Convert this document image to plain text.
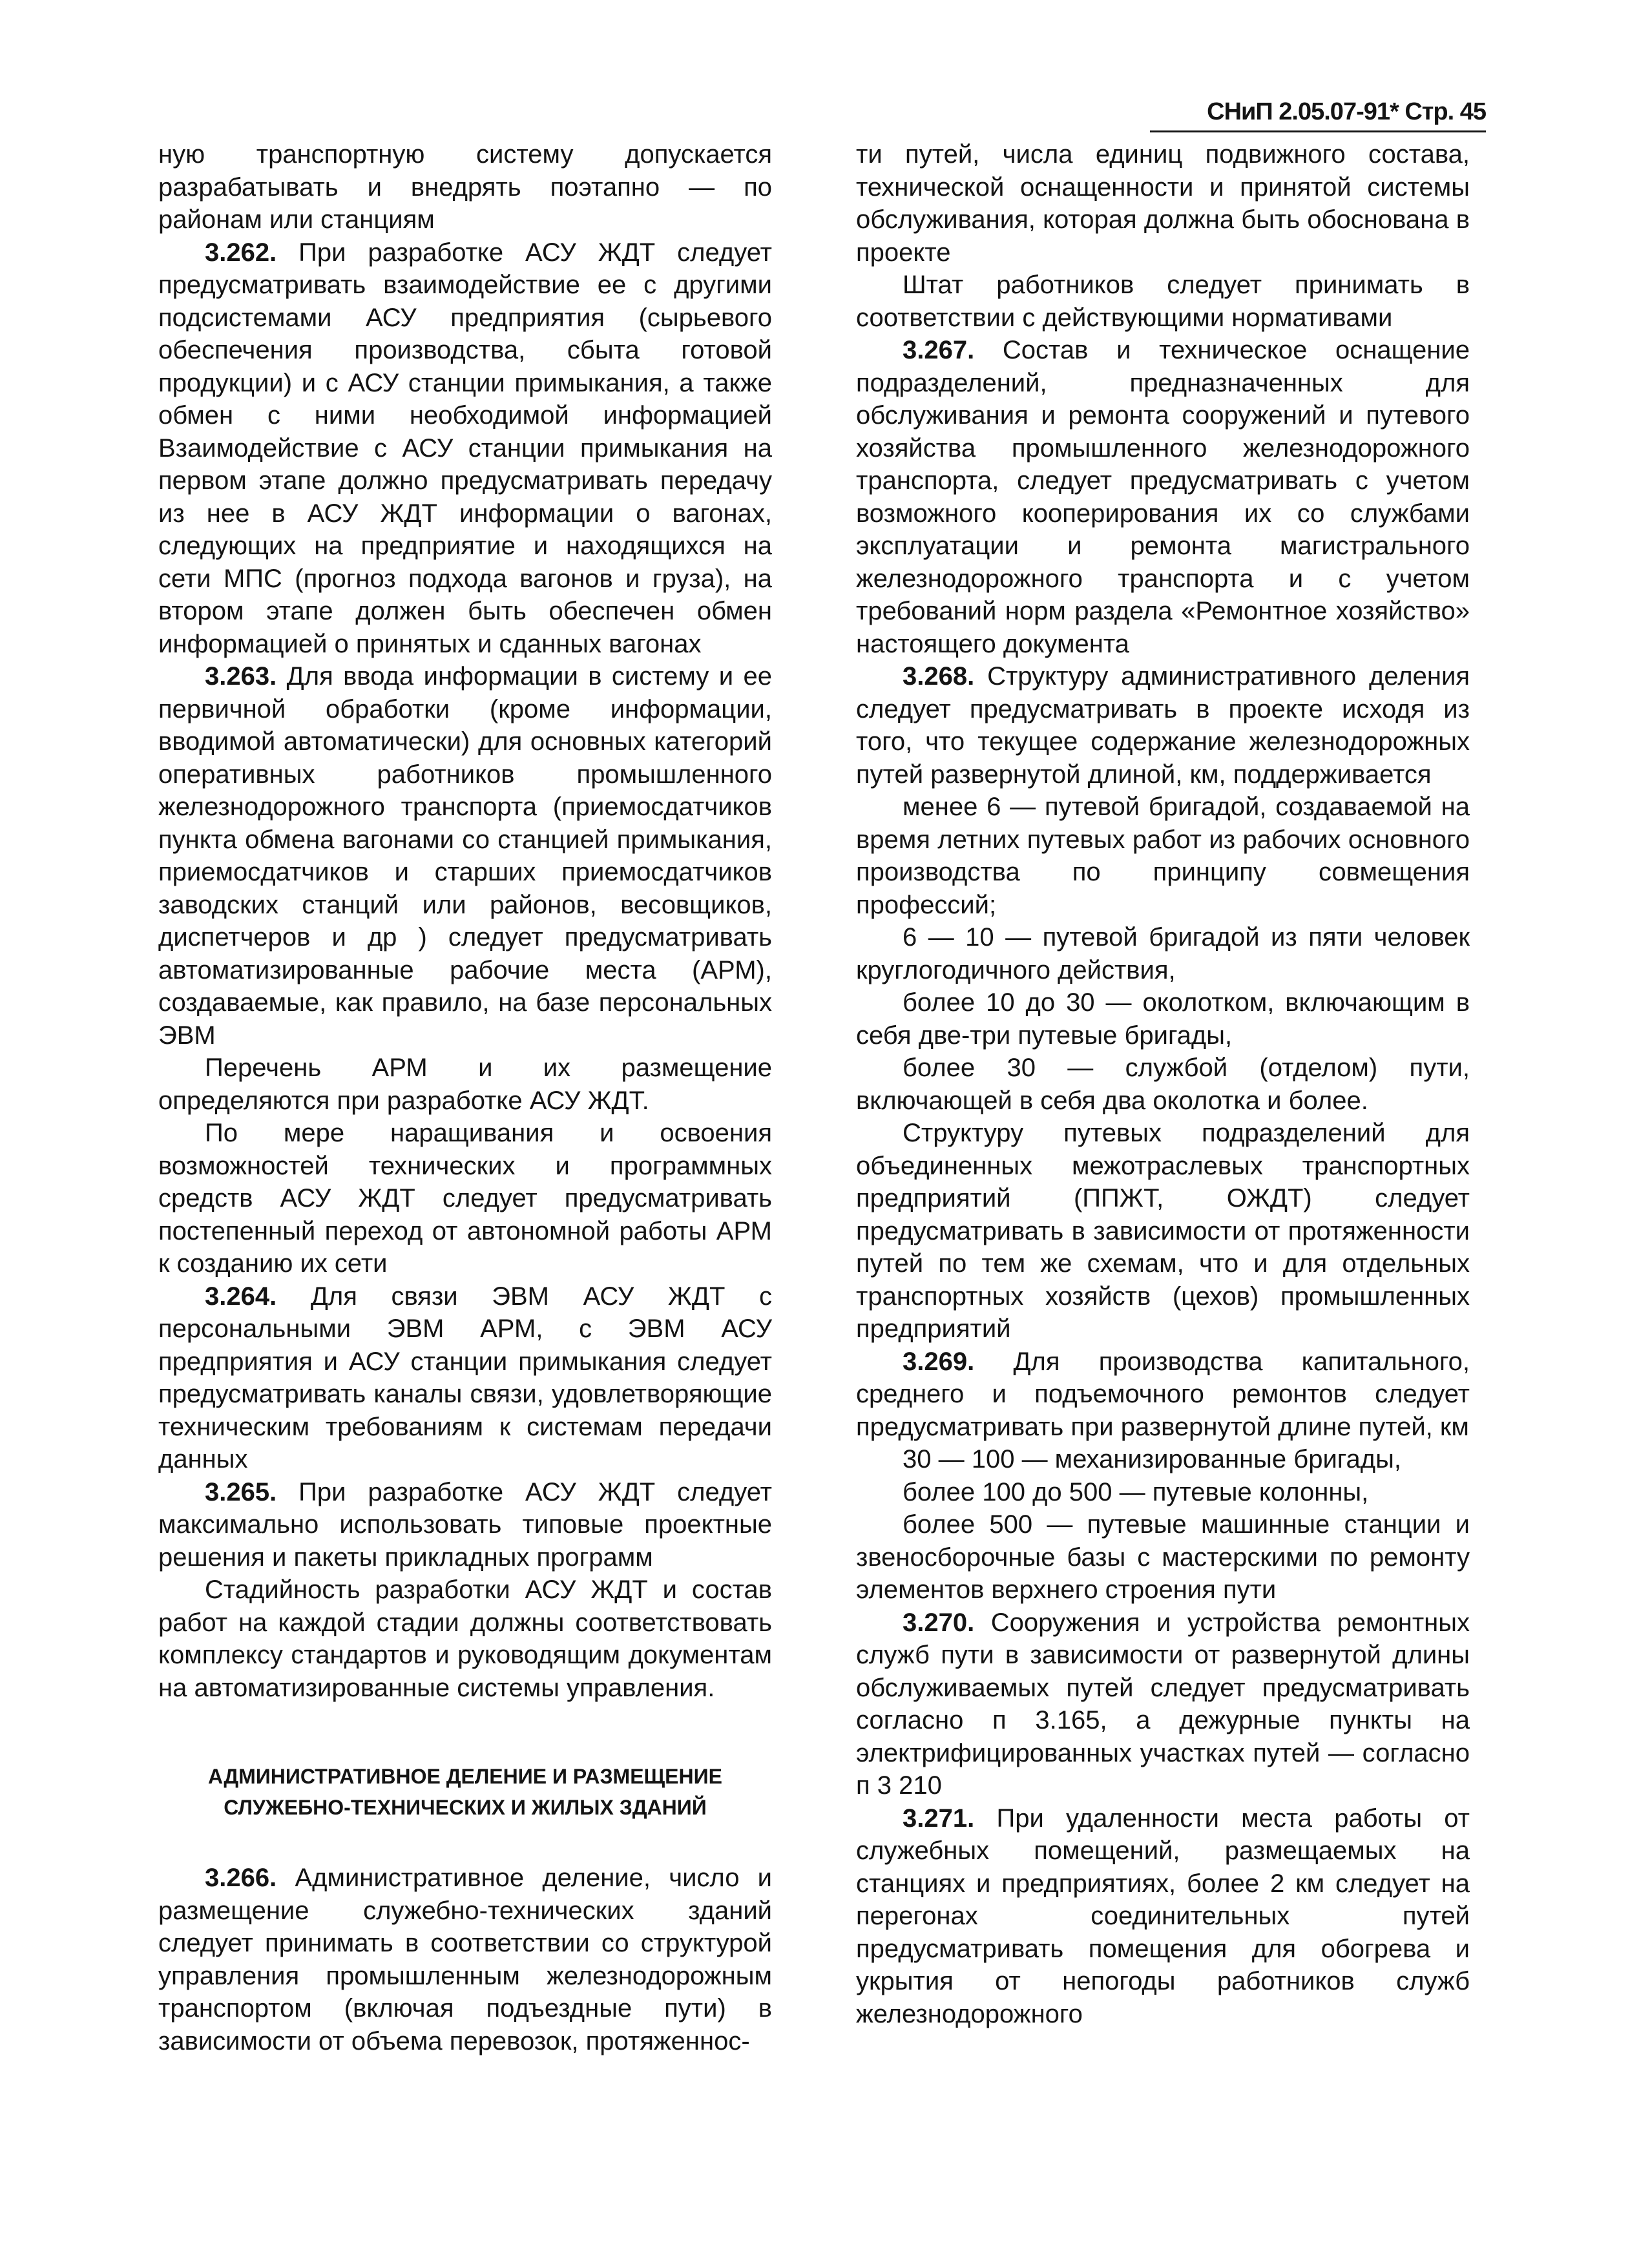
СНиП 2.05.07-91* Стр. 45

ную транспортную систему допускается разрабатывать и внедрять поэтапно — по районам или станциям

3.262. При разработке АСУ ЖДТ следует предусматривать взаимодействие ее с другими подсистемами АСУ предприятия (сырьевого обеспечения производства, сбыта готовой продукции) и с АСУ станции примыкания, а также обмен с ними необходимой информацией Взаимодействие с АСУ станции примыкания на первом этапе должно предусматривать передачу из нее в АСУ ЖДТ информации о вагонах, следующих на предприятие и находящихся на сети МПС (прогноз подхода вагонов и груза), на втором этапе должен быть обеспечен обмен информацией о принятых и сданных вагонах

3.263. Для ввода информации в систему и ее первичной обработки (кроме информации, вводимой автоматически) для основных категорий оперативных работников промышленного железнодорожного транспорта (приемосдатчиков пункта обмена вагонами со станцией примыкания, приемосдатчиков и старших приемосдатчиков заводских станций или районов, весовщиков, диспетчеров и др ) следует предусматривать автоматизированные рабочие места (АРМ), создаваемые, как правило, на базе персональных ЭВМ

Перечень АРМ и их размещение определяются при разработке АСУ ЖДТ.

По мере наращивания и освоения возможностей технических и программных средств АСУ ЖДТ следует предусматривать постепенный переход от автономной работы АРМ к созданию их сети

3.264. Для связи ЭВМ АСУ ЖДТ с персональными ЭВМ АРМ, с ЭВМ АСУ предприятия и АСУ станции примыкания следует предусматривать каналы связи, удовлетворяющие техническим требованиям к системам передачи данных

3.265. При разработке АСУ ЖДТ следует максимально использовать типовые проектные решения и пакеты прикладных программ

Стадийность разработки АСУ ЖДТ и состав работ на каждой стадии должны соответствовать комплексу стандартов и руководящим документам на автоматизированные системы управления.

АДМИНИСТРАТИВНОЕ ДЕЛЕНИЕ И РАЗМЕЩЕНИЕ
СЛУЖЕБНО-ТЕХНИЧЕСКИХ И ЖИЛЫХ ЗДАНИЙ

3.266. Административное деление, число и размещение служебно-технических зданий следует принимать в соответствии со структурой управления промышленным железнодорожным транспортом (включая подъездные пути) в зависимости от объема перевозок, протяженнос-

ти путей, числа единиц подвижного состава, технической оснащенности и принятой системы обслуживания, которая должна быть обоснована в проекте

Штат работников следует принимать в соответствии с действующими нормативами

3.267. Состав и техническое оснащение подразделений, предназначенных для обслуживания и ремонта сооружений и путевого хозяйства промышленного железнодорожного транспорта, следует предусматривать с учетом возможного кооперирования их со службами эксплуатации и ремонта магистрального железнодорожного транспорта и с учетом требований норм раздела «Ремонтное хозяйство» настоящего документа

3.268. Структуру административного деления следует предусматривать в проекте исходя из того, что текущее содержание железнодорожных путей развернутой длиной, км, поддерживается

менее 6 — путевой бригадой, создаваемой на время летних путевых работ из рабочих основного производства по принципу совмещения профессий;

6 — 10 — путевой бригадой из пяти человек круглогодичного действия,

более 10 до 30 — околотком, включающим в себя две-три путевые бригады,

более 30 — службой (отделом) пути, включающей в себя два околотка и более.

Структуру путевых подразделений для объединенных межотраслевых транспортных предприятий (ППЖТ, ОЖДТ) следует предусматривать в зависимости от протяженности путей по тем же схемам, что и для отдельных транспортных хозяйств (цехов) промышленных предприятий

3.269. Для производства капитального, среднего и подъемочного ремонтов следует предусматривать при развернутой длине путей, км

30 — 100 — механизированные бригады,

более 100 до 500 — путевые колонны,

более 500 — путевые машинные станции и звеносборочные базы с мастерскими по ремонту элементов верхнего строения пути

3.270. Сооружения и устройства ремонтных служб пути в зависимости от развернутой длины обслуживаемых путей следует предусматривать согласно п 3.165, а дежурные пункты на электрифицированных участках путей — согласно п 3 210

3.271. При удаленности места работы от служебных помещений, размещаемых на станциях и предприятиях, более 2 км следует на перегонах соединительных путей предусматривать помещения для обогрева и укрытия от непогоды работников служб железнодорожного
